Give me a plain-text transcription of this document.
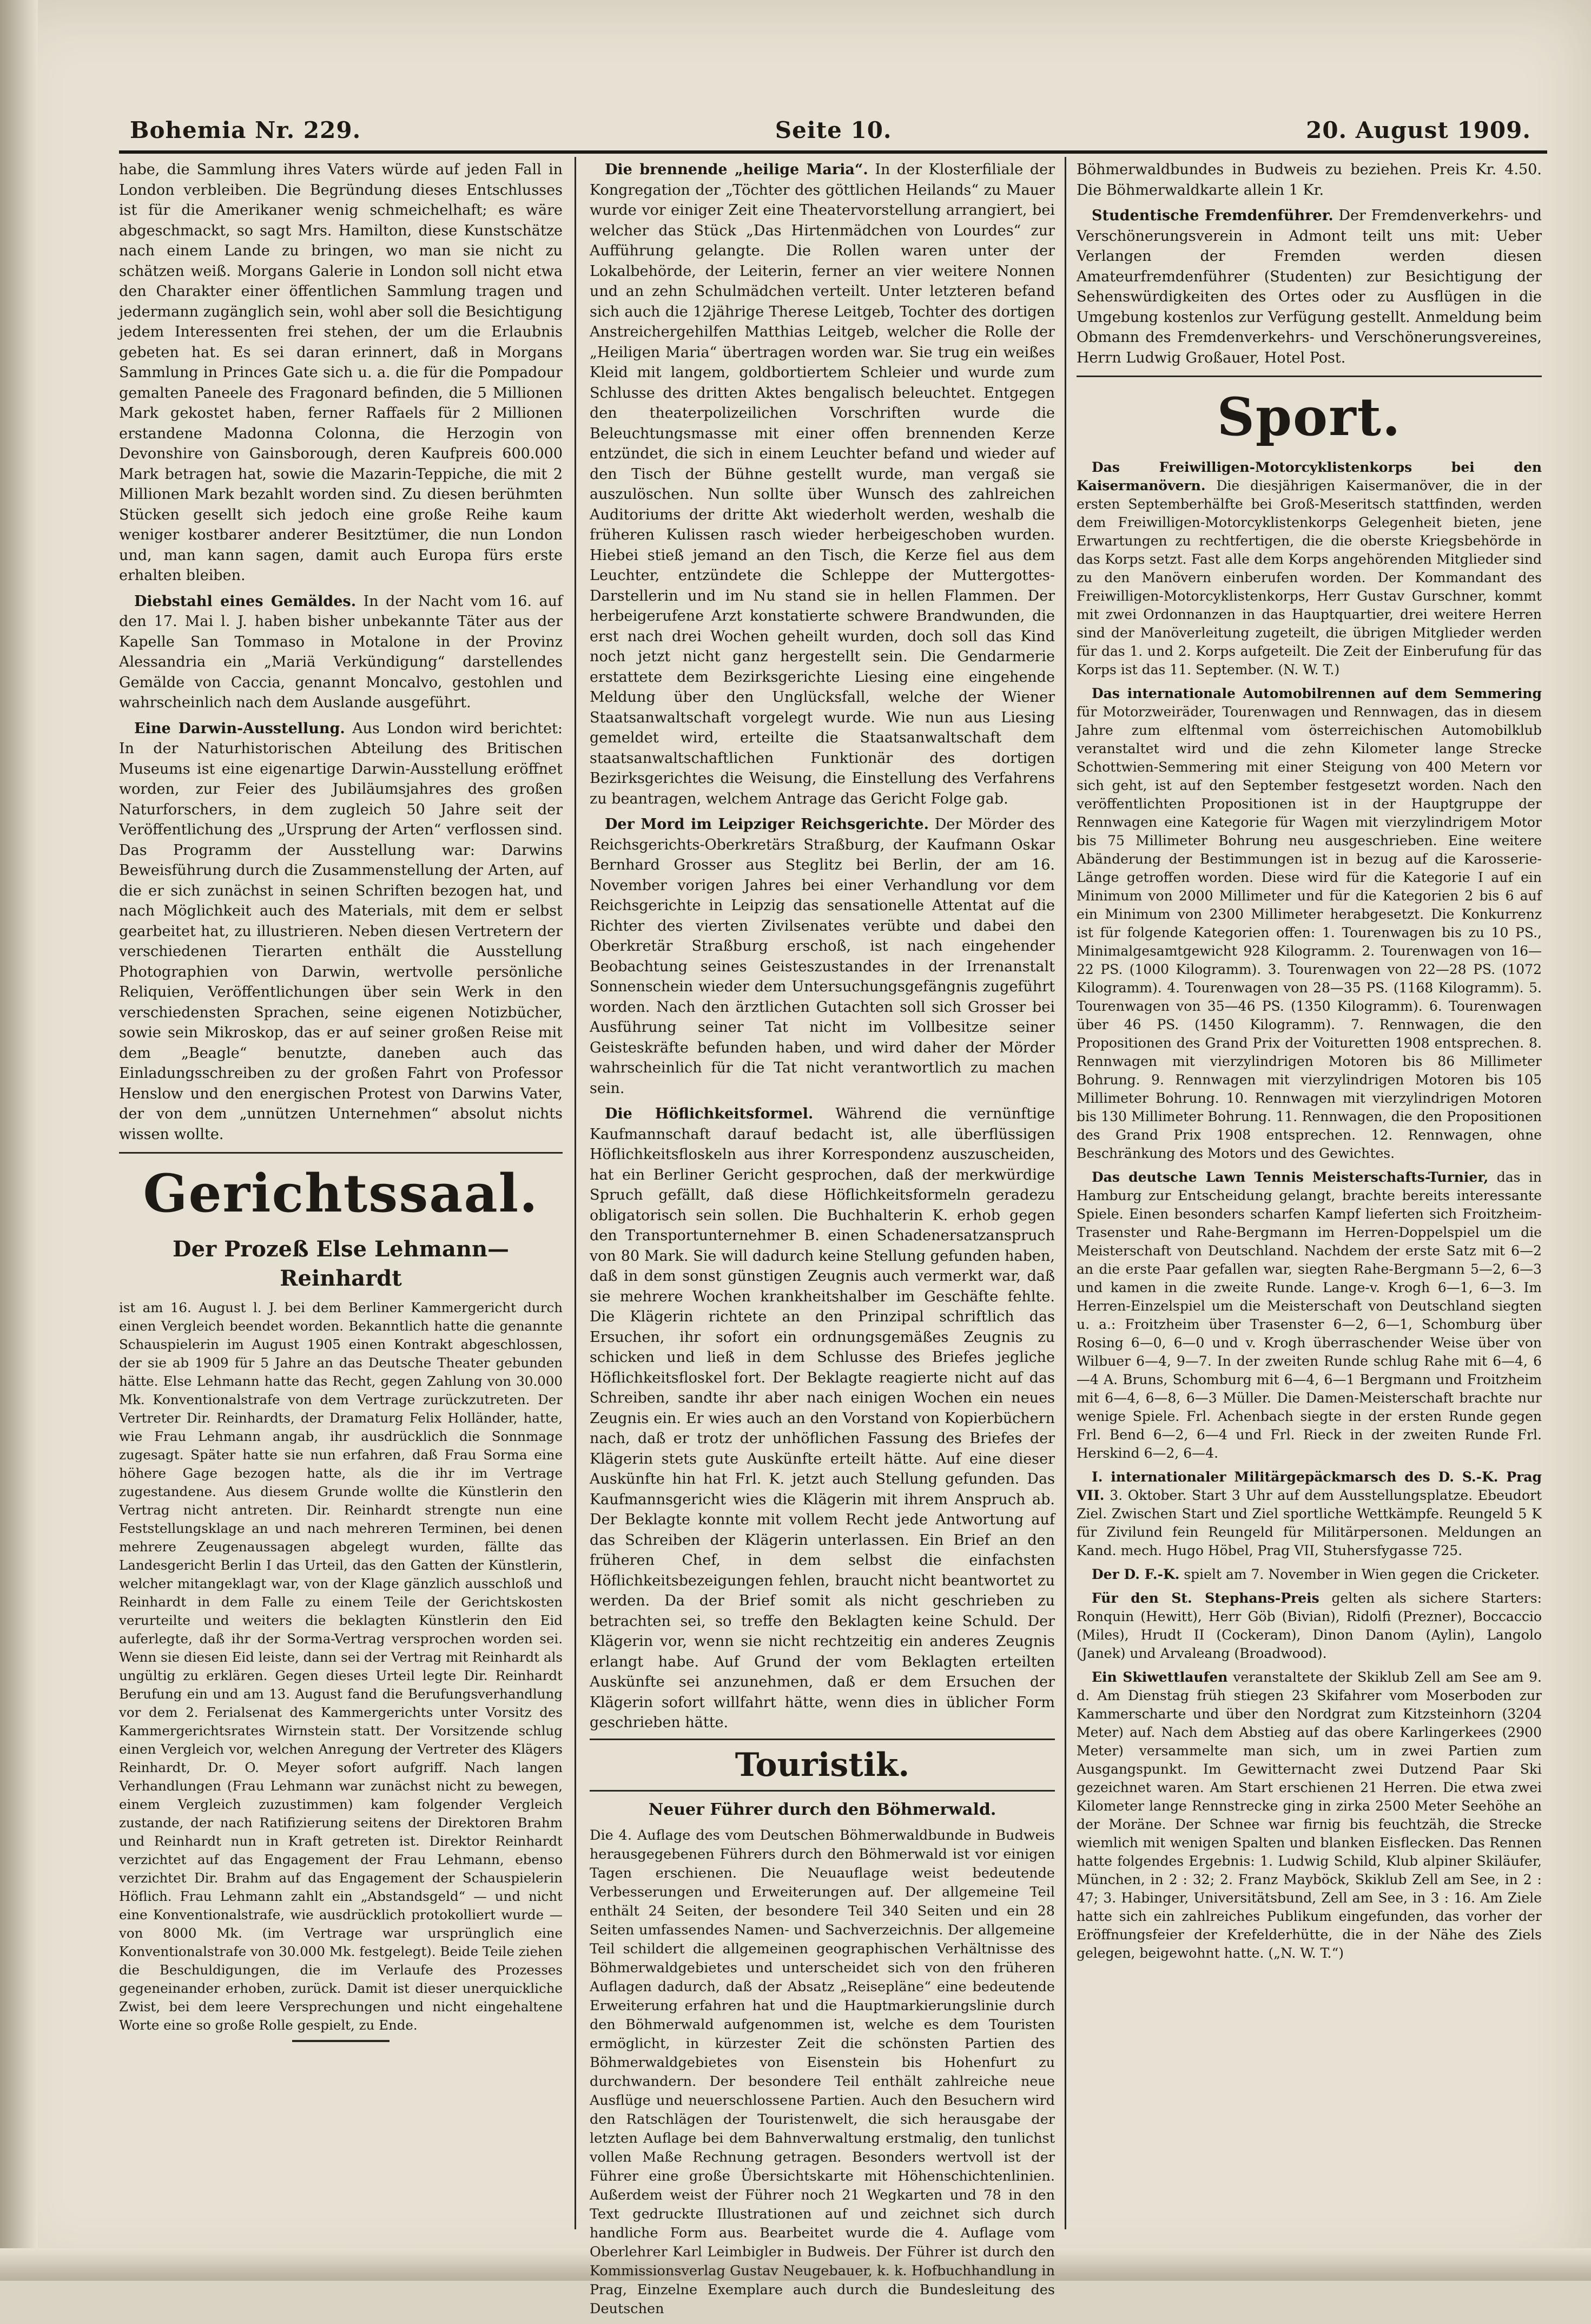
Bohemia Nr. 229.	Seite 10.	20. August 1909.

habe, die Sammlung ihres Vaters würde auf jeden Fall in London verbleiben. Die Begründung dieses Entschlusses ist für die Amerikaner wenig schmeichelhaft; es wäre abgeschmackt, so sagt Mrs. Hamilton, diese Kunstschätze nach einem Lande zu bringen, wo man sie nicht zu schätzen weiß. Morgans Galerie in London soll nicht etwa den Charakter einer öffentlichen Sammlung tragen und jedermann zugänglich sein, wohl aber soll die Besichtigung jedem Interessenten frei stehen, der um die Erlaubnis gebeten hat. Es sei daran erinnert, daß in Morgans Sammlung in Princes Gate sich u. a. die für die Pompadour gemalten Paneele des Fragonard befinden, die 5 Millionen Mark gekostet haben, ferner Raffaels für 2 Millionen erstandene Madonna Colonna, die Herzogin von Devonshire von Gainsborough, deren Kaufpreis 600.000 Mark betragen hat, sowie die Mazarin-Teppiche, die mit 2 Millionen Mark bezahlt worden sind. Zu diesen berühmten Stücken gesellt sich jedoch eine große Reihe kaum weniger kostbarer anderer Besitztümer, die nun London und, man kann sagen, damit auch Europa fürs erste erhalten bleiben.

Diebstahl eines Gemäldes. In der Nacht vom 16. auf den 17. Mai l. J. haben bisher unbekannte Täter aus der Kapelle San Tommaso in Motalone in der Provinz Alessandria ein „Mariä Verkündigung“ darstellendes Gemälde von Caccia, genannt Moncalvo, gestohlen und wahrscheinlich nach dem Auslande ausgeführt.

Eine Darwin-Ausstellung. Aus London wird berichtet: In der Naturhistorischen Abteilung des Britischen Museums ist eine eigenartige Darwin-Ausstellung eröffnet worden, zur Feier des Jubiläumsjahres des großen Naturforschers, in dem zugleich 50 Jahre seit der Veröffentlichung des „Ursprung der Arten“ verflossen sind. Das Programm der Ausstellung war: Darwins Beweisführung durch die Zusammenstellung der Arten, auf die er sich zunächst in seinen Schriften bezogen hat, und nach Möglichkeit auch des Materials, mit dem er selbst gearbeitet hat, zu illustrieren. Neben diesen Vertretern der verschiedenen Tierarten enthält die Ausstellung Photographien von Darwin, wertvolle persönliche Reliquien, Veröffentlichungen über sein Werk in den verschiedensten Sprachen, seine eigenen Notizbücher, sowie sein Mikroskop, das er auf seiner großen Reise mit dem „Beagle“ benutzte, daneben auch das Einladungsschreiben zu der großen Fahrt von Professor Henslow und den energischen Protest von Darwins Vater, der von dem „unnützen Unternehmen“ absolut nichts wissen wollte.

Gerichtssaal.
Der Prozeß Else Lehmann—Reinhardt

ist am 16. August l. J. bei dem Berliner Kammergericht durch einen Vergleich beendet worden. Bekanntlich hatte die genannte Schauspielerin im August 1905 einen Kontrakt abgeschlossen, der sie ab 1909 für 5 Jahre an das Deutsche Theater gebunden hätte. Else Lehmann hatte das Recht, gegen Zahlung von 30.000 Mk. Konventionalstrafe von dem Vertrage zurückzutreten. Der Vertreter Dir. Reinhardts, der Dramaturg Felix Holländer, hatte, wie Frau Lehmann angab, ihr ausdrücklich die Sonnmage zugesagt. Später hatte sie nun erfahren, daß Frau Sorma eine höhere Gage bezogen hatte, als die ihr im Vertrage zugestandene. Aus diesem Grunde wollte die Künstlerin den Vertrag nicht antreten. Dir. Reinhardt strengte nun eine Feststellungsklage an und nach mehreren Terminen, bei denen mehrere Zeugenaussagen abgelegt wurden, fällte das Landesgericht Berlin I das Urteil, das den Gatten der Künstlerin, welcher mitangeklagt war, von der Klage gänzlich ausschloß und Reinhardt in dem Falle zu einem Teile der Gerichtskosten verurteilte und weiters die beklagten Künstlerin den Eid auferlegte, daß ihr der Sorma-Vertrag versprochen worden sei. Wenn sie diesen Eid leiste, dann sei der Vertrag mit Reinhardt als ungültig zu erklären. Gegen dieses Urteil legte Dir. Reinhardt Berufung ein und am 13. August fand die Berufungsverhandlung vor dem 2. Ferialsenat des Kammergerichts unter Vorsitz des Kammergerichtsrates Wirnstein statt. Der Vorsitzende schlug einen Vergleich vor, welchen Anregung der Vertreter des Klägers Reinhardt, Dr. O. Meyer sofort aufgriff. Nach langen Verhandlungen (Frau Lehmann war zunächst nicht zu bewegen, einem Vergleich zuzustimmen) kam folgender Vergleich zustande, der nach Ratifizierung seitens der Direktoren Brahm und Reinhardt nun in Kraft getreten ist. Direktor Reinhardt verzichtet auf das Engagement der Frau Lehmann, ebenso verzichtet Dir. Brahm auf das Engagement der Schauspielerin Höflich. Frau Lehmann zahlt ein „Abstandsgeld“ — und nicht eine Konventionalstrafe, wie ausdrücklich protokolliert wurde — von 8000 Mk. (im Vertrage war ursprünglich eine Konventionalstrafe von 30.000 Mk. festgelegt). Beide Teile ziehen die Beschuldigungen, die im Verlaufe des Prozesses gegeneinander erhoben, zurück. Damit ist dieser unerquickliche Zwist, bei dem leere Versprechungen und nicht eingehaltene Worte eine so große Rolle gespielt, zu Ende.

Die brennende „heilige Maria“. In der Klosterfiliale der Kongregation der „Töchter des göttlichen Heilands“ zu Mauer wurde vor einiger Zeit eine Theatervorstellung arrangiert, bei welcher das Stück „Das Hirtenmädchen von Lourdes“ zur Aufführung gelangte. Die Rollen waren unter der Lokalbehörde, der Leiterin, ferner an vier weitere Nonnen und an zehn Schulmädchen verteilt. Unter letzteren befand sich auch die 12jährige Therese Leitgeb, Tochter des dortigen Anstreichergehilfen Matthias Leitgeb, welcher die Rolle der „Heiligen Maria“ übertragen worden war. Sie trug ein weißes Kleid mit langem, goldbortiertem Schleier und wurde zum Schlusse des dritten Aktes bengalisch beleuchtet. Entgegen den theaterpolizeilichen Vorschriften wurde die Beleuchtungsmasse mit einer offen brennenden Kerze entzündet, die sich in einem Leuchter befand und wieder auf den Tisch der Bühne gestellt wurde, man vergaß sie auszulöschen. Nun sollte über Wunsch des zahlreichen Auditoriums der dritte Akt wiederholt werden, weshalb die früheren Kulissen rasch wieder herbeigeschoben wurden. Hiebei stieß jemand an den Tisch, die Kerze fiel aus dem Leuchter, entzündete die Schleppe der Muttergottes-Darstellerin und im Nu stand sie in hellen Flammen. Der herbeigerufene Arzt konstatierte schwere Brandwunden, die erst nach drei Wochen geheilt wurden, doch soll das Kind noch jetzt nicht ganz hergestellt sein. Die Gendarmerie erstattete dem Bezirksgerichte Liesing eine eingehende Meldung über den Unglücksfall, welche der Wiener Staatsanwaltschaft vorgelegt wurde. Wie nun aus Liesing gemeldet wird, erteilte die Staatsanwaltschaft dem staatsanwaltschaftlichen Funktionär des dortigen Bezirksgerichtes die Weisung, die Einstellung des Verfahrens zu beantragen, welchem Antrage das Gericht Folge gab.

Der Mord im Leipziger Reichsgerichte. Der Mörder des Reichsgerichts-Oberkretärs Straßburg, der Kaufmann Oskar Bernhard Grosser aus Steglitz bei Berlin, der am 16. November vorigen Jahres bei einer Verhandlung vor dem Reichsgerichte in Leipzig das sensationelle Attentat auf die Richter des vierten Zivilsenates verübte und dabei den Oberkretär Straßburg erschoß, ist nach eingehender Beobachtung seines Geisteszustandes in der Irrenanstalt Sonnenschein wieder dem Untersuchungsgefängnis zugeführt worden. Nach den ärztlichen Gutachten soll sich Grosser bei Ausführung seiner Tat nicht im Vollbesitze seiner Geisteskräfte befunden haben, und wird daher der Mörder wahrscheinlich für die Tat nicht verantwortlich zu machen sein.

Die Höflichkeitsformel. Während die vernünftige Kaufmannschaft darauf bedacht ist, alle überflüssigen Höflichkeitsfloskeln aus ihrer Korrespondenz auszuscheiden, hat ein Berliner Gericht gesprochen, daß der merkwürdige Spruch gefällt, daß diese Höflichkeitsformeln geradezu obligatorisch sein sollen. Die Buchhalterin K. erhob gegen den Transportunternehmer B. einen Schadenersatzanspruch von 80 Mark. Sie will dadurch keine Stellung gefunden haben, daß in dem sonst günstigen Zeugnis auch vermerkt war, daß sie mehrere Wochen krankheitshalber im Geschäfte fehlte. Die Klägerin richtete an den Prinzipal schriftlich das Ersuchen, ihr sofort ein ordnungsgemäßes Zeugnis zu schicken und ließ in dem Schlusse des Briefes jegliche Höflichkeitsfloskel fort. Der Beklagte reagierte nicht auf das Schreiben, sandte ihr aber nach einigen Wochen ein neues Zeugnis ein. Er wies auch an den Vorstand von Kopierbüchern nach, daß er trotz der unhöflichen Fassung des Briefes der Klägerin stets gute Auskünfte erteilt hätte. Auf eine dieser Auskünfte hin hat Frl. K. jetzt auch Stellung gefunden. Das Kaufmannsgericht wies die Klägerin mit ihrem Anspruch ab. Der Beklagte konnte mit vollem Recht jede Antwortung auf das Schreiben der Klägerin unterlassen. Ein Brief an den früheren Chef, in dem selbst die einfachsten Höflichkeitsbezeigungen fehlen, braucht nicht beantwortet zu werden. Da der Brief somit als nicht geschrieben zu betrachten sei, so treffe den Beklagten keine Schuld. Der Klägerin vor, wenn sie nicht rechtzeitig ein anderes Zeugnis erlangt habe. Auf Grund der vom Beklagten erteilten Auskünfte sei anzunehmen, daß er dem Ersuchen der Klägerin sofort willfahrt hätte, wenn dies in üblicher Form geschrieben hätte.

Touristik.
Neuer Führer durch den Böhmerwald.

Die 4. Auflage des vom Deutschen Böhmerwaldbunde in Budweis herausgegebenen Führers durch den Böhmerwald ist vor einigen Tagen erschienen. Die Neuauflage weist bedeutende Verbesserungen und Erweiterungen auf. Der allgemeine Teil enthält 24 Seiten, der besondere Teil 340 Seiten und ein 28 Seiten umfassendes Namen- und Sachverzeichnis. Der allgemeine Teil schildert die allgemeinen geographischen Verhältnisse des Böhmerwaldgebietes und unterscheidet sich von den früheren Auflagen dadurch, daß der Absatz „Reisepläne“ eine bedeutende Erweiterung erfahren hat und die Hauptmarkierungslinie durch den Böhmerwald aufgenommen ist, welche es dem Touristen ermöglicht, in kürzester Zeit die schönsten Partien des Böhmerwaldgebietes von Eisenstein bis Hohenfurt zu durchwandern. Der besondere Teil enthält zahlreiche neue Ausflüge und neuerschlossene Partien. Auch den Besuchern wird den Ratschlägen der Touristenwelt, die sich herausgabe der letzten Auflage bei dem Bahnverwaltung erstmalig, den tunlichst vollen Maße Rechnung getragen. Besonders wertvoll ist der Führer eine große Übersichtskarte mit Höhenschichtenlinien. Außerdem weist der Führer noch 21 Wegkarten und 78 in den Text gedruckte Illustrationen auf und zeichnet sich durch handliche Form aus. Bearbeitet wurde die 4. Auflage vom Oberlehrer Karl Leimbigler in Budweis. Der Führer ist durch den Kommissionsverlag Gustav Neugebauer, k. k. Hofbuchhandlung in Prag, Einzelne Exemplare auch durch die Bundesleitung des Deutschen

Böhmerwaldbundes in Budweis zu beziehen. Preis Kr. 4.50. Die Böhmerwaldkarte allein 1 Kr.

Studentische Fremdenführer. Der Fremdenverkehrs- und Verschönerungsverein in Admont teilt uns mit: Ueber Verlangen der Fremden werden diesen Amateurfremdenführer (Studenten) zur Besichtigung der Sehenswürdigkeiten des Ortes oder zu Ausflügen in die Umgebung kostenlos zur Verfügung gestellt. Anmeldung beim Obmann des Fremdenverkehrs- und Verschönerungsvereines, Herrn Ludwig Großauer, Hotel Post.

Sport.

Das Freiwilligen-Motorcyklistenkorps bei den Kaisermanövern. Die diesjährigen Kaisermanöver, die in der ersten Septemberhälfte bei Groß-Meseritsch stattfinden, werden dem Freiwilligen-Motorcyklistenkorps Gelegenheit bieten, jene Erwartungen zu rechtfertigen, die die oberste Kriegsbehörde in das Korps setzt. Fast alle dem Korps angehörenden Mitglieder sind zu den Manövern einberufen worden. Der Kommandant des Freiwilligen-Motorcyklistenkorps, Herr Gustav Gurschner, kommt mit zwei Ordonnanzen in das Hauptquartier, drei weitere Herren sind der Manöverleitung zugeteilt, die übrigen Mitglieder werden für das 1. und 2. Korps aufgeteilt. Die Zeit der Einberufung für das Korps ist das 11. September. (N. W. T.)

Das internationale Automobilrennen auf dem Semmering für Motorzweiräder, Tourenwagen und Rennwagen, das in diesem Jahre zum elftenmal vom österreichischen Automobilklub veranstaltet wird und die zehn Kilometer lange Strecke Schottwien-Semmering mit einer Steigung von 400 Metern vor sich geht, ist auf den September festgesetzt worden. Nach den veröffentlichten Propositionen ist in der Hauptgruppe der Rennwagen eine Kategorie für Wagen mit vierzylindrigem Motor bis 75 Millimeter Bohrung neu ausgeschrieben. Eine weitere Abänderung der Bestimmungen ist in bezug auf die Karosserie-Länge getroffen worden. Diese wird für die Kategorie I auf ein Minimum von 2000 Millimeter und für die Kategorien 2 bis 6 auf ein Minimum von 2300 Millimeter herabgesetzt. Die Konkurrenz ist für folgende Kategorien offen: 1. Tourenwagen bis zu 10 PS., Minimalgesamtgewicht 928 Kilogramm. 2. Tourenwagen von 16—22 PS. (1000 Kilogramm). 3. Tourenwagen von 22—28 PS. (1072 Kilogramm). 4. Tourenwagen von 28—35 PS. (1168 Kilogramm). 5. Tourenwagen von 35—46 PS. (1350 Kilogramm). 6. Tourenwagen über 46 PS. (1450 Kilogramm). 7. Rennwagen, die den Propositionen des Grand Prix der Voituretten 1908 entsprechen. 8. Rennwagen mit vierzylindrigen Motoren bis 86 Millimeter Bohrung. 9. Rennwagen mit vierzylindrigen Motoren bis 105 Millimeter Bohrung. 10. Rennwagen mit vierzylindrigen Motoren bis 130 Millimeter Bohrung. 11. Rennwagen, die den Propositionen des Grand Prix 1908 entsprechen. 12. Rennwagen, ohne Beschränkung des Motors und des Gewichtes.

Das deutsche Lawn Tennis Meisterschafts-Turnier, das in Hamburg zur Entscheidung gelangt, brachte bereits interessante Spiele. Einen besonders scharfen Kampf lieferten sich Froitzheim-Trasenster und Rahe-Bergmann im Herren-Doppelspiel um die Meisterschaft von Deutschland. Nachdem der erste Satz mit 6—2 an die erste Paar gefallen war, siegten Rahe-Bergmann 5—2, 6—3 und kamen in die zweite Runde. Lange-v. Krogh 6—1, 6—3. Im Herren-Einzelspiel um die Meisterschaft von Deutschland siegten u. a.: Froitzheim über Trasenster 6—2, 6—1, Schomburg über Rosing 6—0, 6—0 und v. Krogh überraschender Weise über von Wilbuer 6—4, 9—7. In der zweiten Runde schlug Rahe mit 6—4, 6—4 A. Bruns, Schomburg mit 6—4, 6—1 Bergmann und Froitzheim mit 6—4, 6—8, 6—3 Müller. Die Damen-Meisterschaft brachte nur wenige Spiele. Frl. Achenbach siegte in der ersten Runde gegen Frl. Bend 6—2, 6—4 und Frl. Rieck in der zweiten Runde Frl. Herskind 6—2, 6—4.

I. internationaler Militärgepäckmarsch des D. S.-K. Prag VII. 3. Oktober. Start 3 Uhr auf dem Ausstellungsplatze. Ebeudort Ziel. Zwischen Start und Ziel sportliche Wettkämpfe. Reungeld 5 K für Zivilund fein Reungeld für Militärpersonen. Meldungen an Kand. mech. Hugo Höbel, Prag VII, Stuhersfygasse 725.

Der D. F.-K. spielt am 7. November in Wien gegen die Cricketer.

Für den St. Stephans-Preis gelten als sichere Starters: Ronquin (Hewitt), Herr Göb (Bivian), Ridolfi (Prezner), Boccaccio (Miles), Hrudt II (Cockeram), Dinon Danom (Aylin), Langolo (Janek) und Arvaleang (Broadwood).

Ein Skiwettlaufen veranstaltete der Skiklub Zell am See am 9. d. Am Dienstag früh stiegen 23 Skifahrer vom Moserboden zur Kammerscharte und über den Nordgrat zum Kitzsteinhorn (3204 Meter) auf. Nach dem Abstieg auf das obere Karlingerkees (2900 Meter) versammelte man sich, um in zwei Partien zum Ausgangspunkt. Im Gewitternacht zwei Dutzend Paar Ski gezeichnet waren. Am Start erschienen 21 Herren. Die etwa zwei Kilometer lange Rennstrecke ging in zirka 2500 Meter Seehöhe an der Moräne. Der Schnee war firnig bis feuchtzäh, die Strecke wiemlich mit wenigen Spalten und blanken Eisflecken. Das Rennen hatte folgendes Ergebnis: 1. Ludwig Schild, Klub alpiner Skiläufer, München, in 2 : 32; 2. Franz Mayböck, Skiklub Zell am See, in 2 : 47; 3. Habinger, Universitätsbund, Zell am See, in 3 : 16. Am Ziele hatte sich ein zahlreiches Publikum eingefunden, das vorher der Eröffnungsfeier der Krefelderhütte, die in der Nähe des Ziels gelegen, beigewohnt hatte. („N. W. T.“)
